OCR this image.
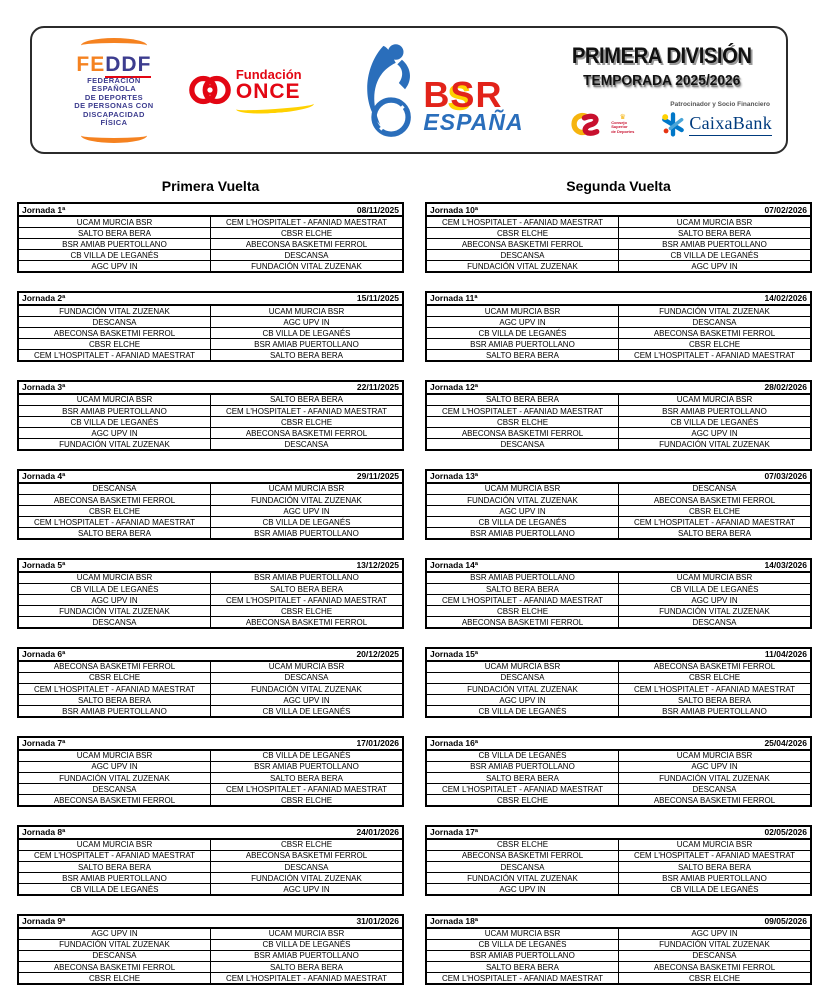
FEDDF
FEDERACIÓN
ESPAÑOLA
DE DEPORTES
DE PERSONAS CON
DISCAPACIDAD
FÍSICA
Fundación
ONCE	BSR
ESPAÑA
PRIMERA DIVISIÓN
TEMPORADA 2025/2026
Patrocinador y Socio Financiero
♛
Consejo
Superior
de Deportes	CaixaBank
Primera Vuelta	Segunda Vuelta
Jornada 1ª	08/11/2025
UCAM MURCIA BSR	CEM L'HOSPITALET - AFANIAD MAESTRAT
SALTO BERA BERA	CBSR ELCHE
BSR AMIAB PUERTOLLANO	ABECONSA BASKETMI FERROL
CB VILLA DE LEGANÉS	DESCANSA
AGC UPV IN	FUNDACIÓN VITAL ZUZENAK
Jornada 2ª	15/11/2025
FUNDACIÓN VITAL ZUZENAK	UCAM MURCIA BSR
DESCANSA	AGC UPV IN
ABECONSA BASKETMI FERROL	CB VILLA DE LEGANÉS
CBSR ELCHE	BSR AMIAB PUERTOLLANO
CEM L'HOSPITALET - AFANIAD MAESTRAT	SALTO BERA BERA
Jornada 3ª	22/11/2025
UCAM MURCIA BSR	SALTO BERA BERA
BSR AMIAB PUERTOLLANO	CEM L'HOSPITALET - AFANIAD MAESTRAT
CB VILLA DE LEGANÉS	CBSR ELCHE
AGC UPV IN	ABECONSA BASKETMI FERROL
FUNDACIÓN VITAL ZUZENAK	DESCANSA
Jornada 4ª	29/11/2025
DESCANSA	UCAM MURCIA BSR
ABECONSA BASKETMI FERROL	FUNDACIÓN VITAL ZUZENAK
CBSR ELCHE	AGC UPV IN
CEM L'HOSPITALET - AFANIAD MAESTRAT	CB VILLA DE LEGANÉS
SALTO BERA BERA	BSR AMIAB PUERTOLLANO
Jornada 5ª	13/12/2025
UCAM MURCIA BSR	BSR AMIAB PUERTOLLANO
CB VILLA DE LEGANÉS	SALTO BERA BERA
AGC UPV IN	CEM L'HOSPITALET - AFANIAD MAESTRAT
FUNDACIÓN VITAL ZUZENAK	CBSR ELCHE
DESCANSA	ABECONSA BASKETMI FERROL
Jornada 6ª	20/12/2025
ABECONSA BASKETMI FERROL	UCAM MURCIA BSR
CBSR ELCHE	DESCANSA
CEM L'HOSPITALET - AFANIAD MAESTRAT	FUNDACIÓN VITAL ZUZENAK
SALTO BERA BERA	AGC UPV IN
BSR AMIAB PUERTOLLANO	CB VILLA DE LEGANÉS
Jornada 7ª	17/01/2026
UCAM MURCIA BSR	CB VILLA DE LEGANÉS
AGC UPV IN	BSR AMIAB PUERTOLLANO
FUNDACIÓN VITAL ZUZENAK	SALTO BERA BERA
DESCANSA	CEM L'HOSPITALET - AFANIAD MAESTRAT
ABECONSA BASKETMI FERROL	CBSR ELCHE
Jornada 8ª	24/01/2026
UCAM MURCIA BSR	CBSR ELCHE
CEM L'HOSPITALET - AFANIAD MAESTRAT	ABECONSA BASKETMI FERROL
SALTO BERA BERA	DESCANSA
BSR AMIAB PUERTOLLANO	FUNDACIÓN VITAL ZUZENAK
CB VILLA DE LEGANÉS	AGC UPV IN
Jornada 9ª	31/01/2026
AGC UPV IN	UCAM MURCIA BSR
FUNDACIÓN VITAL ZUZENAK	CB VILLA DE LEGANÉS
DESCANSA	BSR AMIAB PUERTOLLANO
ABECONSA BASKETMI FERROL	SALTO BERA BERA
CBSR ELCHE	CEM L'HOSPITALET - AFANIAD MAESTRAT
Jornada 10ª	07/02/2026
CEM L'HOSPITALET - AFANIAD MAESTRAT	UCAM MURCIA BSR
CBSR ELCHE	SALTO BERA BERA
ABECONSA BASKETMI FERROL	BSR AMIAB PUERTOLLANO
DESCANSA	CB VILLA DE LEGANÉS
FUNDACIÓN VITAL ZUZENAK	AGC UPV IN
Jornada 11ª	14/02/2026
UCAM MURCIA BSR	FUNDACIÓN VITAL ZUZENAK
AGC UPV IN	DESCANSA
CB VILLA DE LEGANÉS	ABECONSA BASKETMI FERROL
BSR AMIAB PUERTOLLANO	CBSR ELCHE
SALTO BERA BERA	CEM L'HOSPITALET - AFANIAD MAESTRAT
Jornada 12ª	28/02/2026
SALTO BERA BERA	UCAM MURCIA BSR
CEM L'HOSPITALET - AFANIAD MAESTRAT	BSR AMIAB PUERTOLLANO
CBSR ELCHE	CB VILLA DE LEGANÉS
ABECONSA BASKETMI FERROL	AGC UPV IN
DESCANSA	FUNDACIÓN VITAL ZUZENAK
Jornada 13ª	07/03/2026
UCAM MURCIA BSR	DESCANSA
FUNDACIÓN VITAL ZUZENAK	ABECONSA BASKETMI FERROL
AGC UPV IN	CBSR ELCHE
CB VILLA DE LEGANÉS	CEM L'HOSPITALET - AFANIAD MAESTRAT
BSR AMIAB PUERTOLLANO	SALTO BERA BERA
Jornada 14ª	14/03/2026
BSR AMIAB PUERTOLLANO	UCAM MURCIA BSR
SALTO BERA BERA	CB VILLA DE LEGANÉS
CEM L'HOSPITALET - AFANIAD MAESTRAT	AGC UPV IN
CBSR ELCHE	FUNDACIÓN VITAL ZUZENAK
ABECONSA BASKETMI FERROL	DESCANSA
Jornada 15ª	11/04/2026
UCAM MURCIA BSR	ABECONSA BASKETMI FERROL
DESCANSA	CBSR ELCHE
FUNDACIÓN VITAL ZUZENAK	CEM L'HOSPITALET - AFANIAD MAESTRAT
AGC UPV IN	SALTO BERA BERA
CB VILLA DE LEGANÉS	BSR AMIAB PUERTOLLANO
Jornada 16ª	25/04/2026
CB VILLA DE LEGANÉS	UCAM MURCIA BSR
BSR AMIAB PUERTOLLANO	AGC UPV IN
SALTO BERA BERA	FUNDACIÓN VITAL ZUZENAK
CEM L'HOSPITALET - AFANIAD MAESTRAT	DESCANSA
CBSR ELCHE	ABECONSA BASKETMI FERROL
Jornada 17ª	02/05/2026
CBSR ELCHE	UCAM MURCIA BSR
ABECONSA BASKETMI FERROL	CEM L'HOSPITALET - AFANIAD MAESTRAT
DESCANSA	SALTO BERA BERA
FUNDACIÓN VITAL ZUZENAK	BSR AMIAB PUERTOLLANO
AGC UPV IN	CB VILLA DE LEGANÉS
Jornada 18ª	09/05/2026
UCAM MURCIA BSR	AGC UPV IN
CB VILLA DE LEGANÉS	FUNDACIÓN VITAL ZUZENAK
BSR AMIAB PUERTOLLANO	DESCANSA
SALTO BERA BERA	ABECONSA BASKETMI FERROL
CEM L'HOSPITALET - AFANIAD MAESTRAT	CBSR ELCHE
